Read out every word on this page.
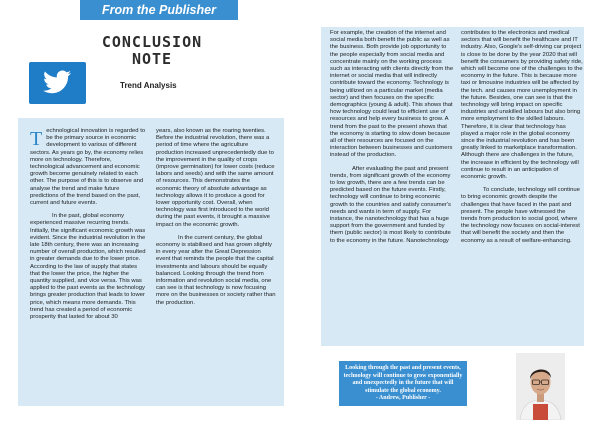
From the Publisher
CONCLUSION
NOTE
Trend Analysis

T echnological innovation is regarded to be the primary source in economic development to various of different sectors. As years go by, the economy relies more on technology. Therefore, technological advancement and economic growth become genuinely related to each other. The purpose of this is to observe and analyse the trend and make future predictions of the trend based on the past, current and future events.

In the past, global economy experienced massive recurring trends. Initially, the significant economic growth was evident. Since the industrial revolution in the late 18th century, there was an increasing number of overall production, which resulted in greater demands due to the lower price. According to the law of supply that states that the lower the price, the higher the quantity supplied, and vice versa. This was applied to the past events as the technology brings greater production that leads to lower price, which means more demands. This trend has created a period of economic prosperity that lasted for about 30

years, also known as the roaring twenties. Before the industrial revolution, there was a period of time where the agriculture production increased unprecedentedly due to the improvement in the quality of crops (improve germination) for lower costs (reduce labors and seeds) and with the same amount of resources. This demonstrates the economic theory of absolute advantage as technology allows it to produce a good for lower opportunity cost. Overall, when technology was first introduced to the world during the past events, it brought a massive impact on the economic growth.

In the current century, the global economy is stabilised and has grown slightly in every year after the Great Depression event that reminds the people that the capital investments and labours should be equally balanced. Looking through the trend from information and revolution social media, one can see is that technology is now focusing more on the businesses or society rather than the production.

For example, the creation of the internet and social media both benefit the public as well as the business. Both provide job opportunity to the people especially from social media and concentrate mainly on the working process such as interacting with clients directly from the internet or social media that will indirectly contribute toward the economy. Technology is being utilized on a particular market (media sector) and then focuses on the specific demographics (young & adult). This shows that how technology could lead to efficient use of resources and help every business to grow. A trend from the past to the present shows that the economy is starting to slow down because all of their resources are focused on the interaction between businesses and customers instead of the production.

After evaluating the past and present trends, from significant growth of the economy to low growth, there are a few trends can be predicted based on the future events. Firstly, technology will continue to bring economic growth to the countries and satisfy consumer's needs and wants in term of supply. For instance, the nanotechnology that has a huge support from the government and funded by them (public sector) is most likely to contribute to the economy in the future. Nanotechnology

contributes to the electronics and medical sectors that will benefit the healthcare and IT industry. Also, Google's self-driving car project is close to be done by the year 2020 that will benefit the consumers by providing safety ride, which will become one of the challenges to the economy in the future. This is because more taxi or limousine industries will be affected by the tech. and causes more unemployment in the future. Besides, one can see is that the technology will bring impact on specific industries and unskilled labours but also bring more employment to the skilled labours. Therefore, it is clear that technology has played a major role in the global economy since the industrial revolution and has been greatly linked to marketplace transformation. Although there are challenges in the future, the increase in efficient by the technology will continue to result in an anticipation of economic growth.

To conclude, technology will continue to bring economic growth despite the challenges that have faced in the past and present. The people have witnessed the trends from production to social good, where the technology now focuses on social-interest that will benefit the society and then the economy as a result of welfare-enhancing.

Looking through the past and present events, technology will continue to grow exponentially and unexpectedly in the future that will stimulate the global economy.
- Andrew, Publisher -
